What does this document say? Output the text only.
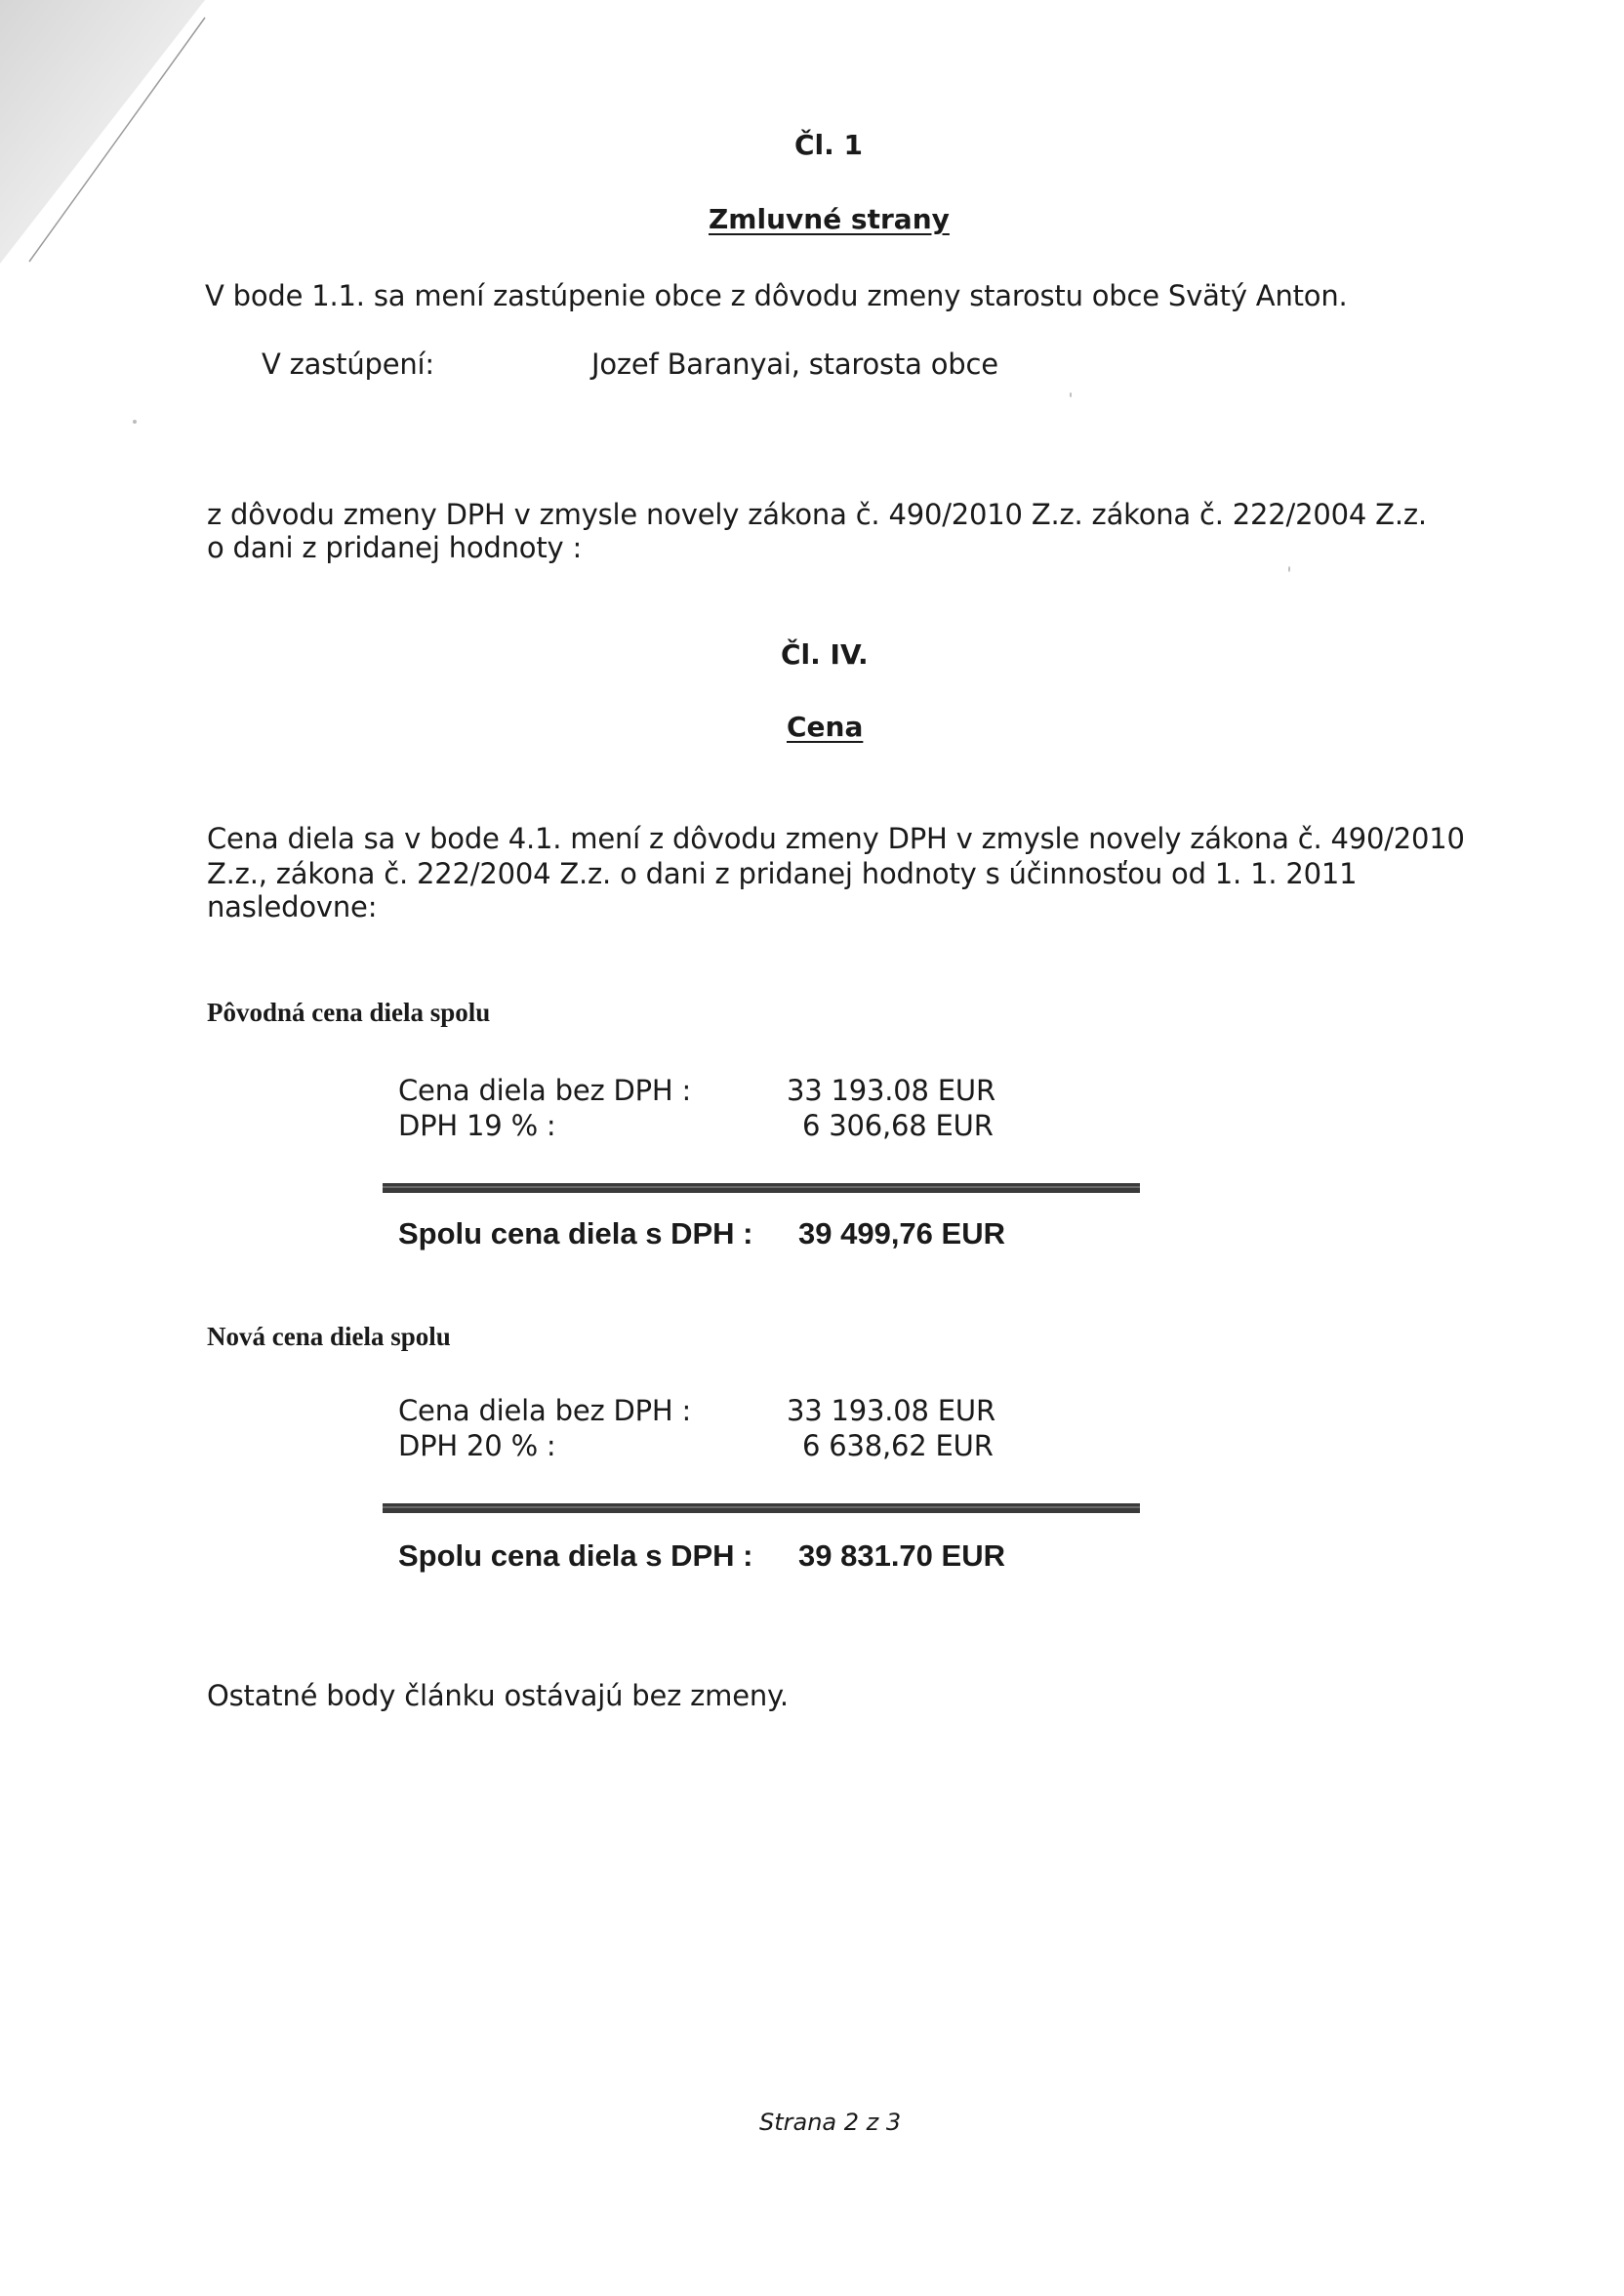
Čl. 1
Zmluvné strany
V bode 1.1. sa mení zastúpenie obce z dôvodu zmeny starostu obce Svätý Anton.
V zastúpení:	Jozef Baranyai, starosta obce
z dôvodu zmeny DPH v zmysle novely zákona č. 490/2010 Z.z. zákona č. 222/2004 Z.z.
o dani z pridanej hodnoty :
Čl. IV.
Cena
Cena diela sa v bode 4.1. mení z dôvodu zmeny DPH v zmysle novely zákona č. 490/2010
Z.z., zákona č. 222/2004 Z.z. o dani z pridanej hodnoty s účinnosťou od 1. 1. 2011
nasledovne:
Pôvodná cena diela spolu
Cena diela bez DPH :	33 193.08 EUR
DPH 19 % :	6 306,68 EUR
Spolu cena diela s DPH : 39 499,76 EUR
Nová cena diela spolu
Cena diela bez DPH :	33 193.08 EUR
DPH 20 % :	6 638,62 EUR
Spolu cena diela s DPH : 39 831.70 EUR
Ostatné body článku ostávajú bez zmeny.
Strana 2 z 3
